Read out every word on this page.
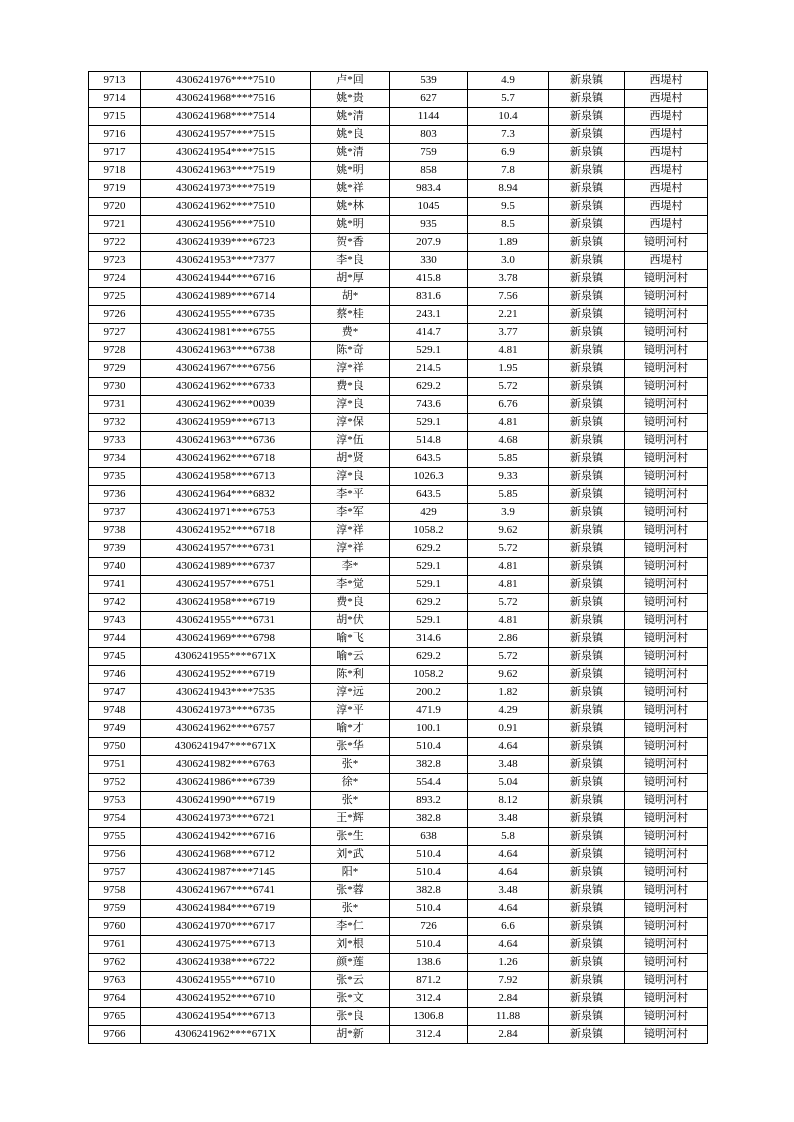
9713	4306241976****7510	卢*回	539	4.9	新泉镇	西堤村
9714	4306241968****7516	姚*贵	627	5.7	新泉镇	西堤村
9715	4306241968****7514	姚*清	1144	10.4	新泉镇	西堤村
9716	4306241957****7515	姚*良	803	7.3	新泉镇	西堤村
9717	4306241954****7515	姚*清	759	6.9	新泉镇	西堤村
9718	4306241963****7519	姚*明	858	7.8	新泉镇	西堤村
9719	4306241973****7519	姚*祥	983.4	8.94	新泉镇	西堤村
9720	4306241962****7510	姚*林	1045	9.5	新泉镇	西堤村
9721	4306241956****7510	姚*明	935	8.5	新泉镇	西堤村
9722	4306241939****6723	贺*香	207.9	1.89	新泉镇	镜明河村
9723	4306241953****7377	李*良	330	3.0	新泉镇	西堤村
9724	4306241944****6716	胡*厚	415.8	3.78	新泉镇	镜明河村
9725	4306241989****6714	胡*	831.6	7.56	新泉镇	镜明河村
9726	4306241955****6735	蔡*桂	243.1	2.21	新泉镇	镜明河村
9727	4306241981****6755	费*	414.7	3.77	新泉镇	镜明河村
9728	4306241963****6738	陈*奇	529.1	4.81	新泉镇	镜明河村
9729	4306241967****6756	淳*祥	214.5	1.95	新泉镇	镜明河村
9730	4306241962****6733	费*良	629.2	5.72	新泉镇	镜明河村
9731	4306241962****0039	淳*良	743.6	6.76	新泉镇	镜明河村
9732	4306241959****6713	淳*保	529.1	4.81	新泉镇	镜明河村
9733	4306241963****6736	淳*伍	514.8	4.68	新泉镇	镜明河村
9734	4306241962****6718	胡*贤	643.5	5.85	新泉镇	镜明河村
9735	4306241958****6713	淳*良	1026.3	9.33	新泉镇	镜明河村
9736	4306241964****6832	李*平	643.5	5.85	新泉镇	镜明河村
9737	4306241971****6753	李*军	429	3.9	新泉镇	镜明河村
9738	4306241952****6718	淳*祥	1058.2	9.62	新泉镇	镜明河村
9739	4306241957****6731	淳*祥	629.2	5.72	新泉镇	镜明河村
9740	4306241989****6737	李*	529.1	4.81	新泉镇	镜明河村
9741	4306241957****6751	李*觉	529.1	4.81	新泉镇	镜明河村
9742	4306241958****6719	费*良	629.2	5.72	新泉镇	镜明河村
9743	4306241955****6731	胡*伏	529.1	4.81	新泉镇	镜明河村
9744	4306241969****6798	喻*飞	314.6	2.86	新泉镇	镜明河村
9745	4306241955****671X	喻*云	629.2	5.72	新泉镇	镜明河村
9746	4306241952****6719	陈*利	1058.2	9.62	新泉镇	镜明河村
9747	4306241943****7535	淳*远	200.2	1.82	新泉镇	镜明河村
9748	4306241973****6735	淳*平	471.9	4.29	新泉镇	镜明河村
9749	4306241962****6757	喻*才	100.1	0.91	新泉镇	镜明河村
9750	4306241947****671X	张*华	510.4	4.64	新泉镇	镜明河村
9751	4306241982****6763	张*	382.8	3.48	新泉镇	镜明河村
9752	4306241986****6739	徐*	554.4	5.04	新泉镇	镜明河村
9753	4306241990****6719	张*	893.2	8.12	新泉镇	镜明河村
9754	4306241973****6721	王*辉	382.8	3.48	新泉镇	镜明河村
9755	4306241942****6716	张*生	638	5.8	新泉镇	镜明河村
9756	4306241968****6712	刘*武	510.4	4.64	新泉镇	镜明河村
9757	4306241987****7145	阳*	510.4	4.64	新泉镇	镜明河村
9758	4306241967****6741	张*蓉	382.8	3.48	新泉镇	镜明河村
9759	4306241984****6719	张*	510.4	4.64	新泉镇	镜明河村
9760	4306241970****6717	李*仁	726	6.6	新泉镇	镜明河村
9761	4306241975****6713	刘*根	510.4	4.64	新泉镇	镜明河村
9762	4306241938****6722	颜*莲	138.6	1.26	新泉镇	镜明河村
9763	4306241955****6710	张*云	871.2	7.92	新泉镇	镜明河村
9764	4306241952****6710	张*文	312.4	2.84	新泉镇	镜明河村
9765	4306241954****6713	张*良	1306.8	11.88	新泉镇	镜明河村
9766	4306241962****671X	胡*新	312.4	2.84	新泉镇	镜明河村
